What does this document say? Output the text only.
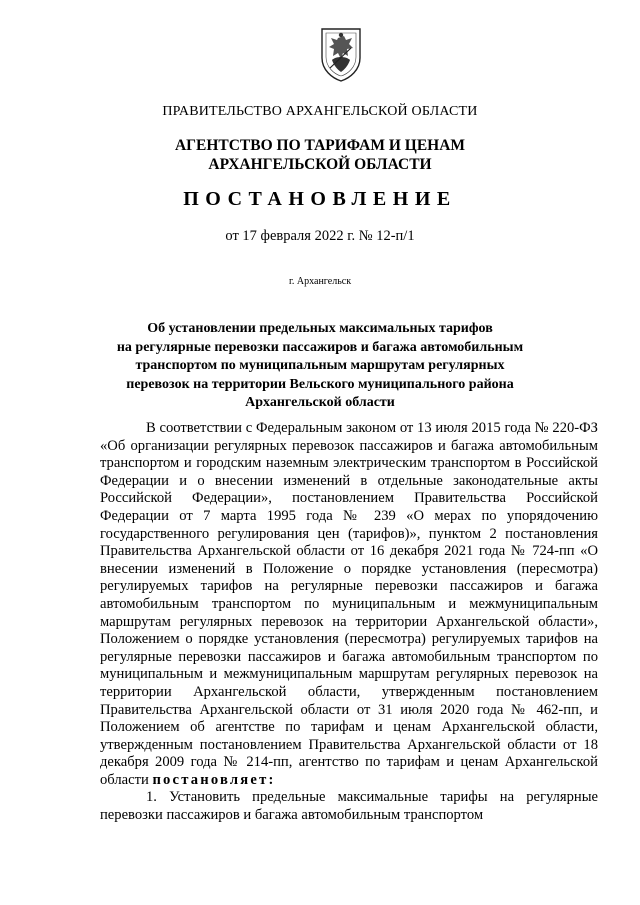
ПРАВИТЕЛЬСТВО АРХАНГЕЛЬСКОЙ ОБЛАСТИ
АГЕНТСТВО ПО ТАРИФАМ И ЦЕНАМ
АРХАНГЕЛЬСКОЙ ОБЛАСТИ
ПОСТАНОВЛЕНИЕ
от 17 февраля 2022 г. № 12-п/1
г. Архангельск
Об установлении предельных максимальных тарифов
на регулярные перевозки пассажиров и багажа автомобильным
транспортом по муниципальным маршрутам регулярных
перевозок на территории Вельского муниципального района
Архангельской области

В соответствии с Федеральным законом от 13 июля 2015 года № 220-ФЗ «Об организации регулярных перевозок пассажиров и багажа автомобильным транспортом и городским наземным электрическим транспортом в Российской Федерации и о внесении изменений в отдельные законодательные акты Российской Федерации», постановлением Правительства Российской Федерации от 7 марта 1995 года № 239 «О мерах по упорядочению государственного регулирования цен (тарифов)», пунктом 2 постановления Правительства Архангельской области от 16 декабря 2021 года № 724-пп «О внесении изменений в Положение о порядке установления (пересмотра) регулируемых тарифов на регулярные перевозки пассажиров и багажа автомобильным транспортом по муниципальным и межмуниципальным маршрутам регулярных перевозок на территории Архангельской области», Положением о порядке установления (пересмотра) регулируемых тарифов на регулярные перевозки пассажиров и багажа автомобильным транспортом по муниципальным и межмуниципальным маршрутам регулярных перевозок на территории Архангельской области, утвержденным постановлением Правительства Архангельской области от 31 июля 2020 года № 462-пп, и Положением об агентстве по тарифам и ценам Архангельской области, утвержденным постановлением Правительства Архангельской области от 18 декабря 2009 года № 214-пп, агентство по тарифам и ценам Архангельской области постановляет:

1. Установить предельные максимальные тарифы на регулярные перевозки пассажиров и багажа автомобильным транспортом
